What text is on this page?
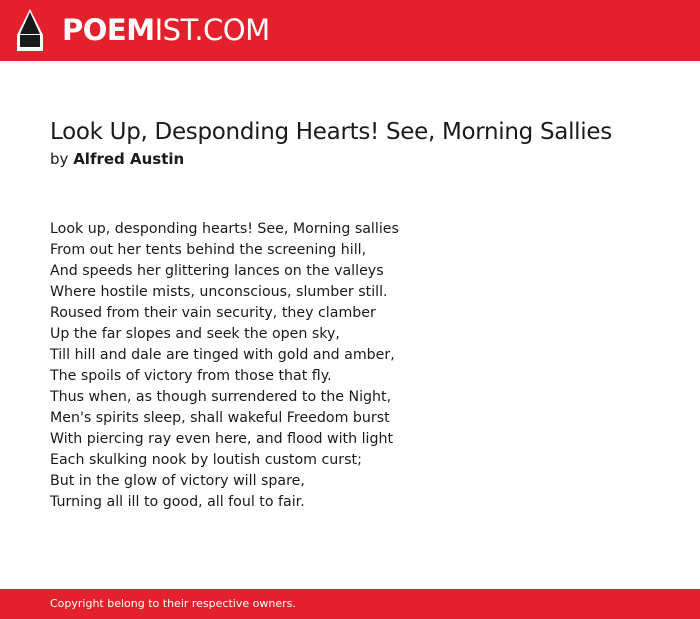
POEMIST.COM
Look Up, Desponding Hearts! See, Morning Sallies
by Alfred Austin
Look up, desponding hearts! See, Morning sallies
From out her tents behind the screening hill,
And speeds her glittering lances on the valleys
Where hostile mists, unconscious, slumber still.
Roused from their vain security, they clamber
Up the far slopes and seek the open sky,
Till hill and dale are tinged with gold and amber,
The spoils of victory from those that fly.
Thus when, as though surrendered to the Night,
Men's spirits sleep, shall wakeful Freedom burst
With piercing ray even here, and flood with light
Each skulking nook by loutish custom curst;
But in the glow of victory will spare,
Turning all ill to good, all foul to fair.
Copyright belong to their respective owners.
